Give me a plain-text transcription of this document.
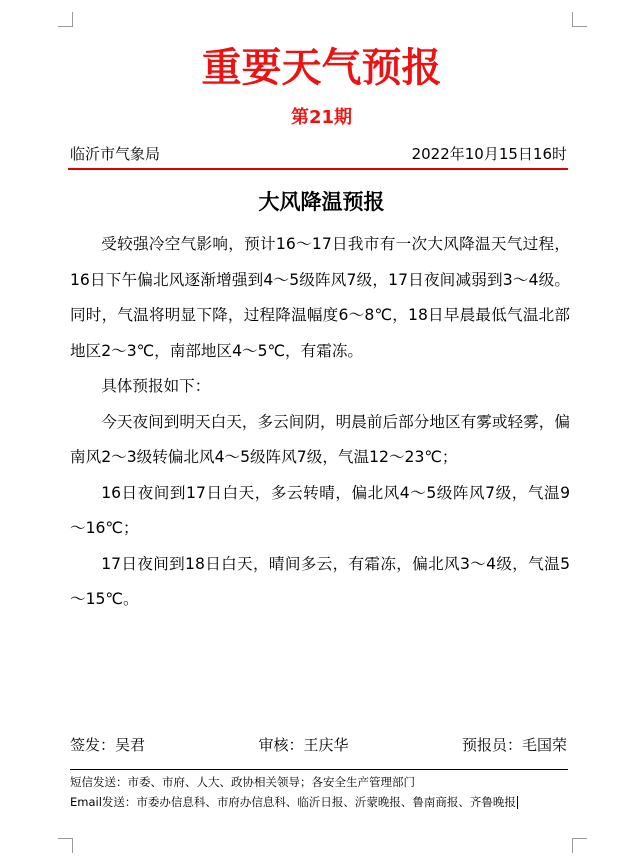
重要天气预报
第21期
临沂市气象局	2022年10月15日16时
大风降温预报

受较强冷空气影响，预计16～17日我市有一次大风降温天气过程，16日下午偏北风逐渐增强到4～5级阵风7级，17日夜间减弱到3～4级。同时，气温将明显下降，过程降温幅度6～8℃，18日早晨最低气温北部地区2～3℃，南部地区4～5℃，有霜冻。

具体预报如下：

今天夜间到明天白天，多云间阴，明晨前后部分地区有雾或轻雾，偏南风2～3级转偏北风4～5级阵风7级，气温12～23℃；

16日夜间到17日白天，多云转晴，偏北风4～5级阵风7级，气温9～16℃；

17日夜间到18日白天，晴间多云，有霜冻，偏北风3～4级，气温5～15℃。

签发： 吴君	审核： 王庆华	预报员： 毛国荣
短信发送：市委、市府、人大、政协相关领导；各安全生产管理部门
Email发送：市委办信息科、市府办信息科、临沂日报、沂蒙晚报、鲁南商报、齐鲁晚报
